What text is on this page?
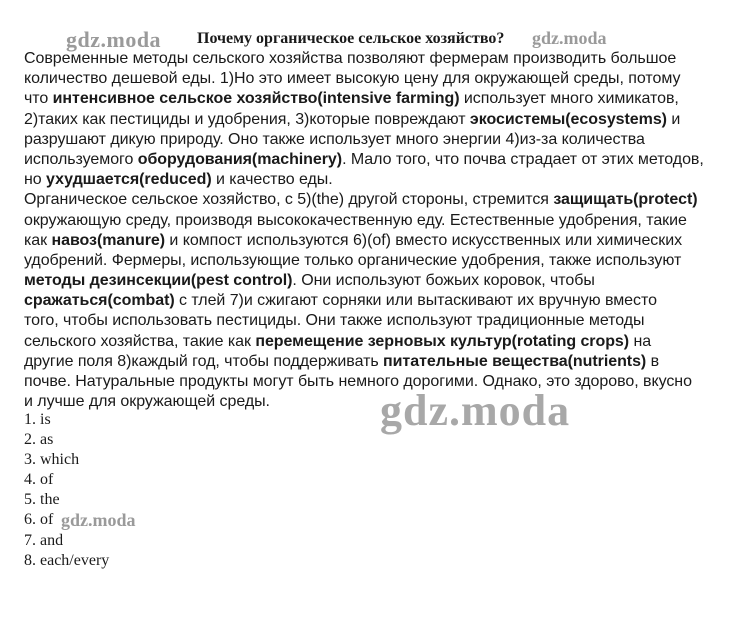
gdz.moda Почему органическое сельское хозяйство? gdz.moda
Современные методы сельского хозяйства позволяют фермерам производить большое
количество дешевой еды. 1)Но это имеет высокую цену для окружающей среды, потому
что интенсивное сельское хозяйство(intensive farming) использует много химикатов,
2)таких как пестициды и удобрения, 3)которые повреждают экосистемы(ecosystems) и
разрушают дикую природу. Оно также использует много энергии 4)из-за количества
используемого оборудования(machinery). Мало того, что почва страдает от этих методов,
но ухудшается(reduced) и качество еды.
Органическое сельское хозяйство, с 5)(the) другой стороны, стремится защищать(protect)
окружающую среду, производя высококачественную еду. Естественные удобрения, такие
как навоз(manure) и компост используются 6)(of) вместо искусственных или химических
удобрений. Фермеры, использующие только органические удобрения, также используют
методы дезинсекции(pest control). Они используют божьих коровок, чтобы
сражаться(combat) с тлей 7)и сжигают сорняки или вытаскивают их вручную вместо
того, чтобы использовать пестициды. Они также используют традиционные методы
сельского хозяйства, такие как перемещение зерновых культур(rotating crops) на
другие поля 8)каждый год, чтобы поддерживать питательные вещества(nutrients) в
почве. Натуральные продукты могут быть немного дорогими. Однако, это здорово, вкусно
и лучше для окружающей среды.
1. is
2. as
3. which
4. of
5. the
6. of
7. and
8. each/every
gdz.moda
gdz.moda
